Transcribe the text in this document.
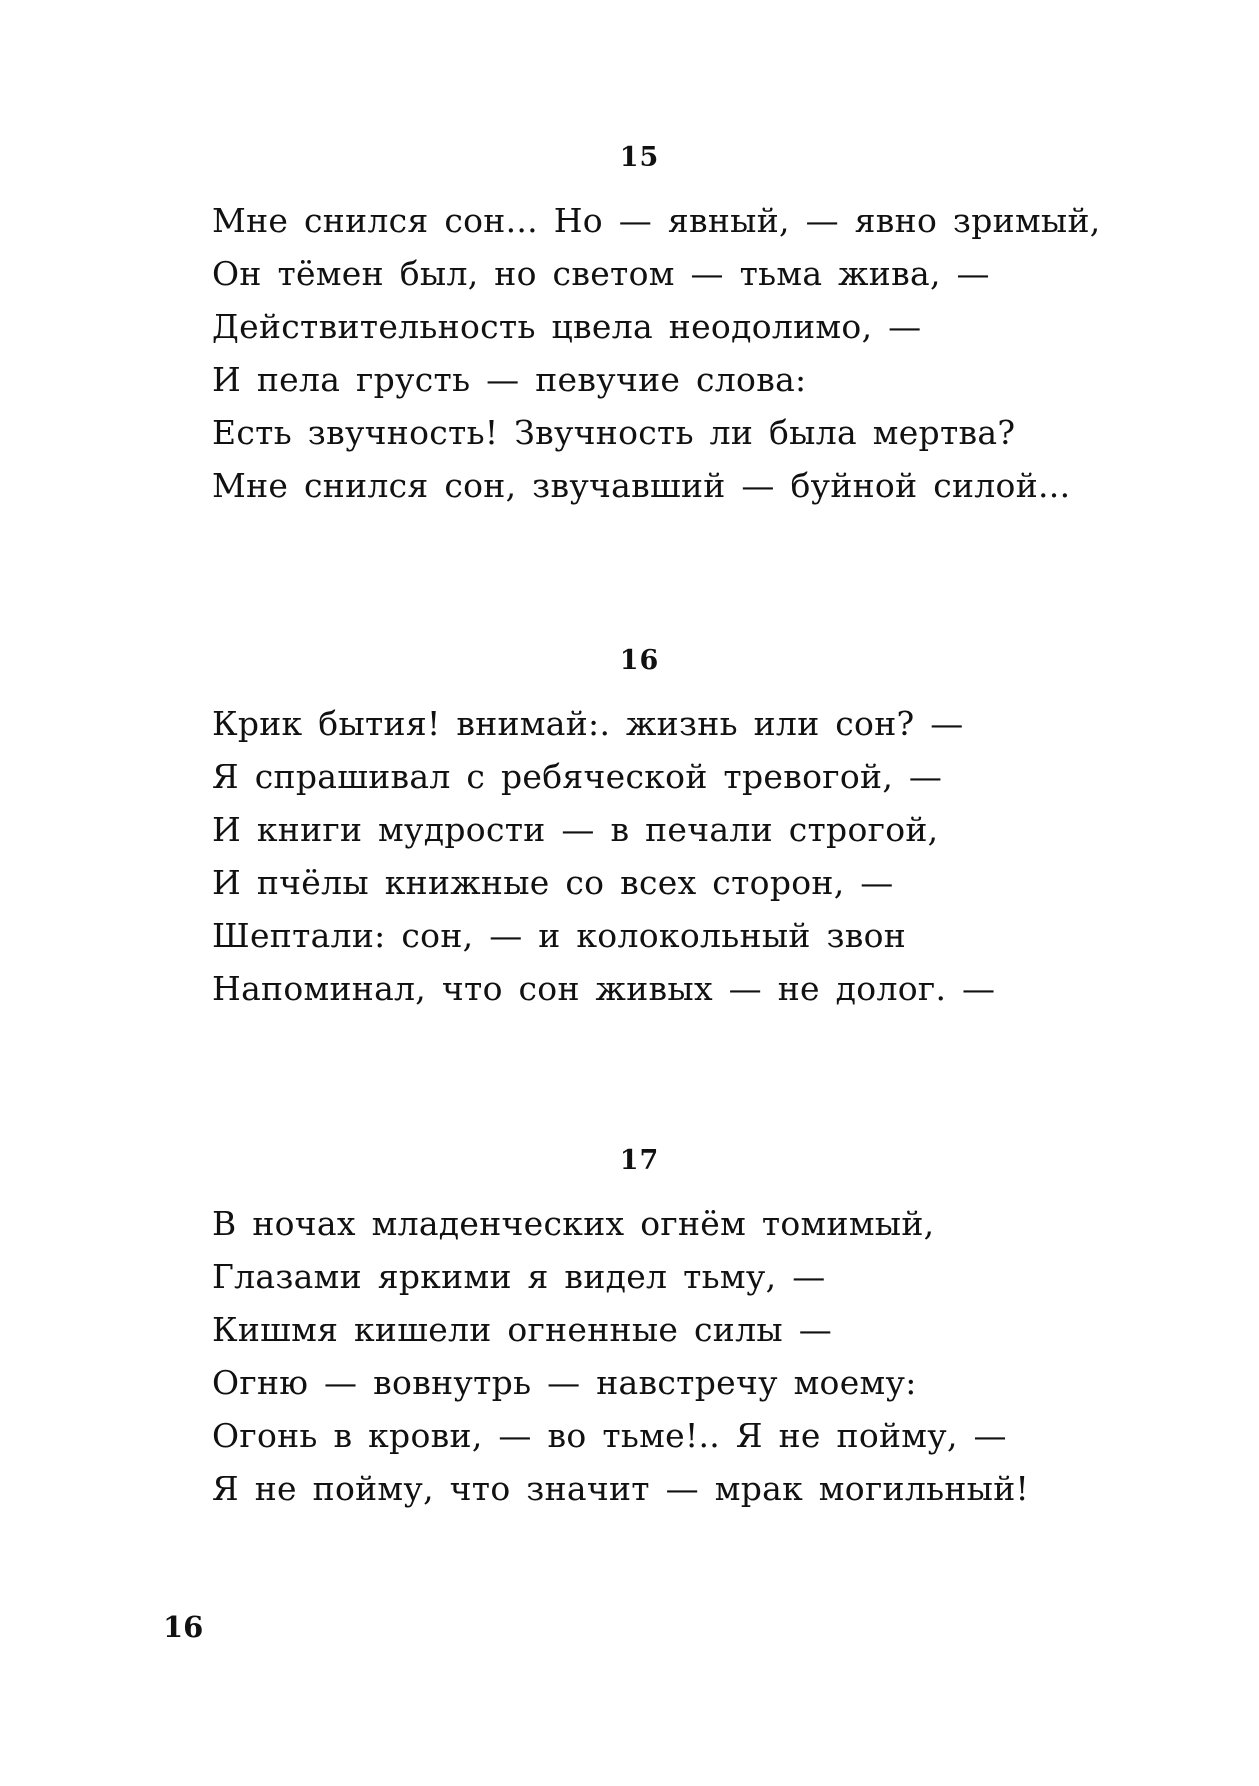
15
Мне снился сон... Но — явный, — явно зримый,
Он тёмен был, но светом — тьма жива, —
Действительность цвела неодолимо, —
И пела грусть — певучие слова:
Есть звучность! Звучность ли была мертва?
Мне снился сон, звучавший — буйной силой...
16
Крик бытия! внимай:. жизнь или сон? —
Я спрашивал с ребяческой тревогой, —
И книги мудрости — в печали строгой,
И пчёлы книжные со всех сторон, —
Шептали: сон, — и колокольный звон
Напоминал, что сон живых — не долог. —
17
В ночах младенческих огнём томимый,
Глазами яркими я видел тьму, —
Кишмя кишели огненные силы —
Огню — вовнутрь — навстречу моему:
Огонь в крови, — во тьме!.. Я не пойму, —
Я не пойму, что значит — мрак могильный!
16
